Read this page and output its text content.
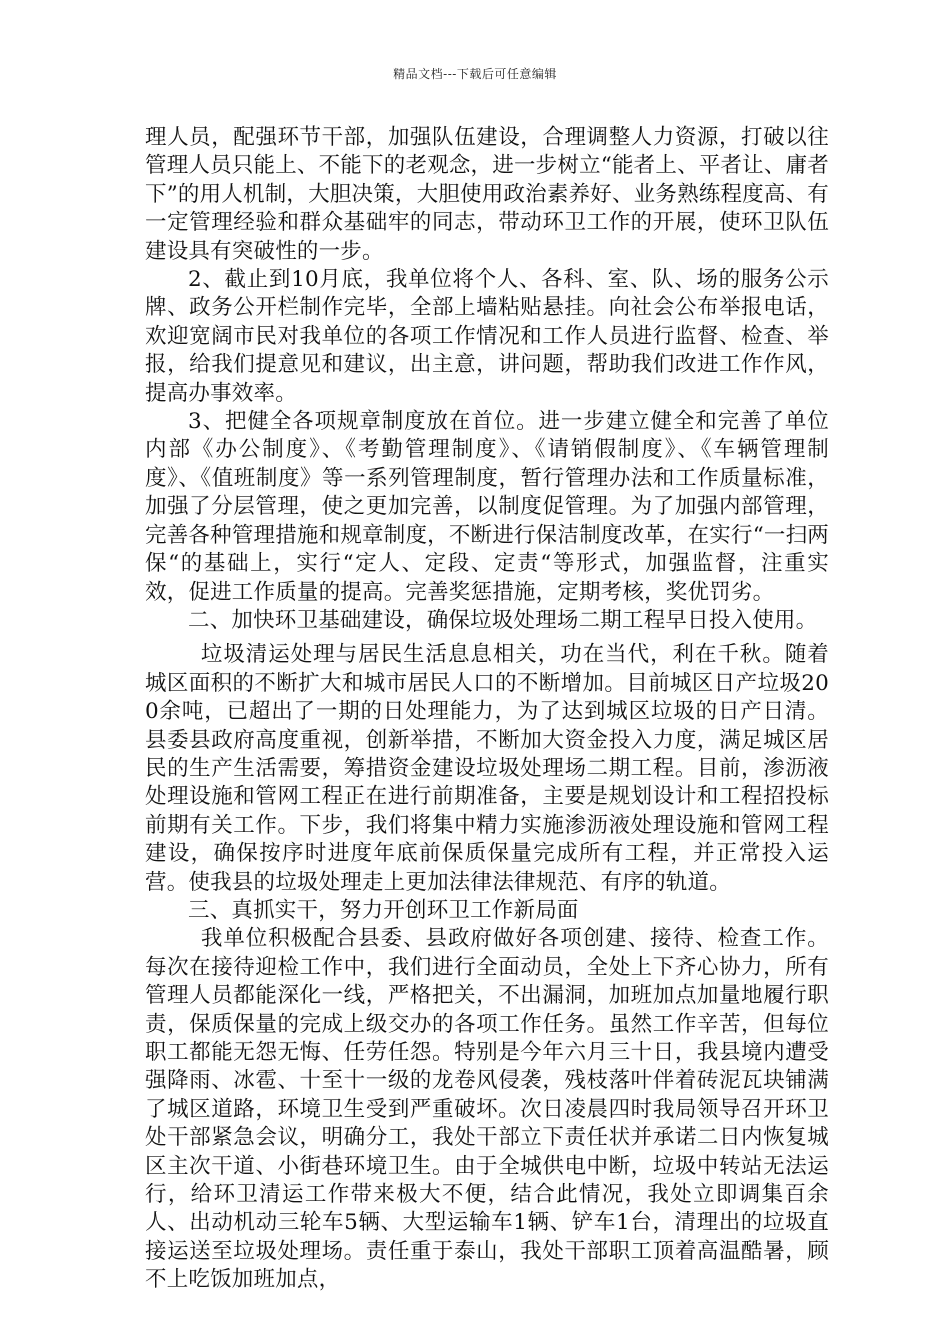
精品文档---下载后可任意编辑

理人员，配强环节干部，加强队伍建设，合理调整人力资源，打破以往管理人员只能上、不能下的老观念，进一步树立“能者上、平者让、庸者下”的用人机制，大胆决策，大胆使用政治素养好、业务熟练程度高、有一定管理经验和群众基础牢的同志，带动环卫工作的开展，使环卫队伍建设具有突破性的一步。

2、截止到10月底，我单位将个人、各科、室、队、场的服务公示牌、政务公开栏制作完毕，全部上墙粘贴悬挂。向社会公布举报电话，欢迎宽阔市民对我单位的各项工作情况和工作人员进行监督、检查、举报，给我们提意见和建议，出主意，讲问题，帮助我们改进工作作风，提高办事效率。

3、把健全各项规章制度放在首位。进一步建立健全和完善了单位内部《办公制度》、《考勤管理制度》、《请销假制度》、《车辆管理制度》、《值班制度》等一系列管理制度，暂行管理办法和工作质量标准，加强了分层管理，使之更加完善，以制度促管理。为了加强内部管理，完善各种管理措施和规章制度，不断进行保洁制度改革，在实行“一扫两保“的基础上，实行“定人、定段、定责“等形式，加强监督，注重实效，促进工作质量的提高。完善奖惩措施，定期考核，奖优罚劣。

二、加快环卫基础建设，确保垃圾处理场二期工程早日投入使用。

垃圾清运处理与居民生活息息相关，功在当代，利在千秋。随着城区面积的不断扩大和城市居民人口的不断增加。目前城区日产垃圾200余吨，已超出了一期的日处理能力，为了达到城区垃圾的日产日清。县委县政府高度重视，创新举措，不断加大资金投入力度，满足城区居民的生产生活需要，筹措资金建设垃圾处理场二期工程。目前，渗沥液处理设施和管网工程正在进行前期准备，主要是规划设计和工程招投标前期有关工作。下步，我们将集中精力实施渗沥液处理设施和管网工程建设，确保按序时进度年底前保质保量完成所有工程，并正常投入运营。使我县的垃圾处理走上更加法律法律规范、有序的轨道。

三、真抓实干，努力开创环卫工作新局面

我单位积极配合县委、县政府做好各项创建、接待、检查工作。每次在接待迎检工作中，我们进行全面动员，全处上下齐心协力，所有管理人员都能深化一线，严格把关，不出漏洞，加班加点加量地履行职责，保质保量的完成上级交办的各项工作任务。虽然工作辛苦，但每位职工都能无怨无悔、任劳任怨。特别是今年六月三十日，我县境内遭受强降雨、冰雹、十至十一级的龙卷风侵袭，残枝落叶伴着砖泥瓦块铺满了城区道路，环境卫生受到严重破坏。次日凌晨四时我局领导召开环卫处干部紧急会议，明确分工，我处干部立下责任状并承诺二日内恢复城区主次干道、小街巷环境卫生。由于全城供电中断，垃圾中转站无法运行，给环卫清运工作带来极大不便，结合此情况，我处立即调集百余人、出动机动三轮车5辆、大型运输车1辆、铲车1台，清理出的垃圾直接运送至垃圾处理场。责任重于泰山，我处干部职工顶着高温酷暑，顾不上吃饭加班加点，
